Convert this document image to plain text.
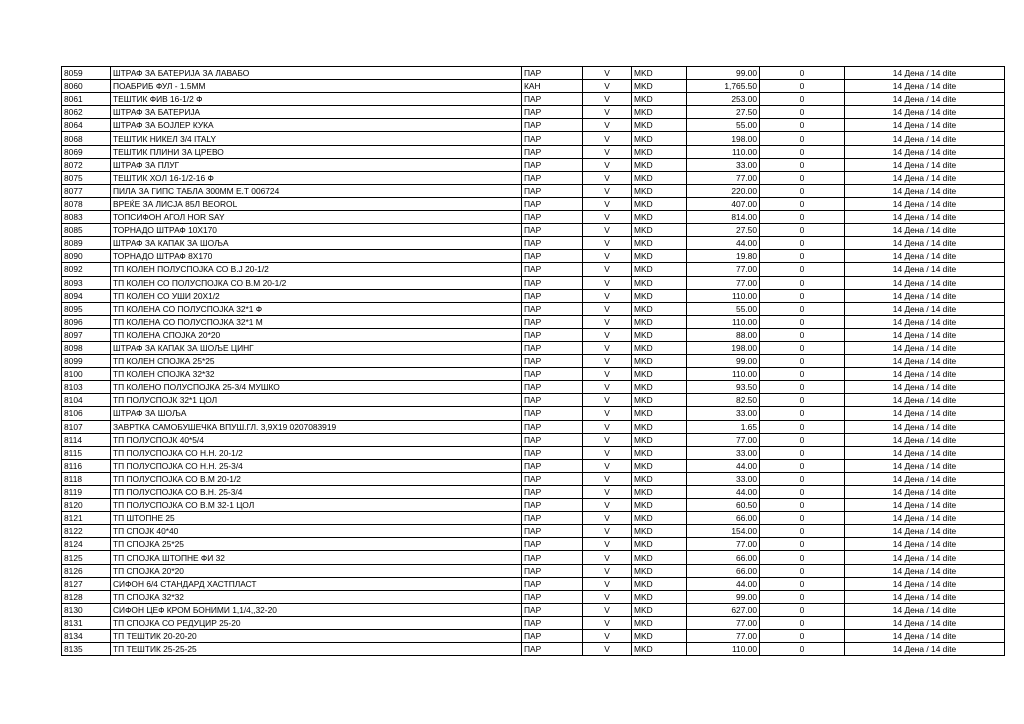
8059	ШТРАФ ЗА БАТЕРИЈА ЗА ЛАВАБО	ПАР	V	MKD	99.00	0	14 Дена / 14 dite
8060	ПОАБРИБ ФУЛ - 1.5ММ	КАН	V	MKD	1,765.50	0	14 Дена / 14 dite
8061	ТЕШТИК ФИВ 16-1/2 Ф	ПАР	V	MKD	253.00	0	14 Дена / 14 dite
8062	ШТРАФ ЗА БАТЕРИЈА	ПАР	V	MKD	27.50	0	14 Дена / 14 dite
8064	ШТРАФ ЗА БОЈЛЕР КУКА	ПАР	V	MKD	55.00	0	14 Дена / 14 dite
8068	ТЕШТИК НИКЕЛ 3/4 ITALY	ПАР	V	MKD	198.00	0	14 Дена / 14 dite
8069	ТЕШТИК ПЛИНИ ЗА ЦРЕВО	ПАР	V	MKD	110.00	0	14 Дена / 14 dite
8072	ШТРАФ ЗА ПЛУГ	ПАР	V	MKD	33.00	0	14 Дена / 14 dite
8075	ТЕШТИК ХОЛ 16-1/2-16 Ф	ПАР	V	MKD	77.00	0	14 Дена / 14 dite
8077	ПИЛА ЗА ГИПС ТАБЛА 300ММ Е.Т 006724	ПАР	V	MKD	220.00	0	14 Дена / 14 dite
8078	ВРЕЌЕ ЗА ЛИСЈА 85Л BEOROL	ПАР	V	MKD	407.00	0	14 Дена / 14 dite
8083	ТОПСИФОН АГОЛ HOR SAY	ПАР	V	MKD	814.00	0	14 Дена / 14 dite
8085	ТОРНАДО ШТРАФ 10Х170	ПАР	V	MKD	27.50	0	14 Дена / 14 dite
8089	ШТРАФ ЗА КАПАК ЗА ШОЉА	ПАР	V	MKD	44.00	0	14 Дена / 14 dite
8090	ТОРНАДО ШТРАФ 8Х170	ПАР	V	MKD	19.80	0	14 Дена / 14 dite
8092	ТП КОЛЕН ПОЛУСПОЈКА СО В.Ј 20-1/2	ПАР	V	MKD	77.00	0	14 Дена / 14 dite
8093	ТП КОЛЕН СО ПОЛУСПОЈКА СО В.М 20-1/2	ПАР	V	MKD	77.00	0	14 Дена / 14 dite
8094	ТП КОЛЕН СО УШИ 20Х1/2	ПАР	V	MKD	110.00	0	14 Дена / 14 dite
8095	ТП КОЛЕНА СО ПОЛУСПОЈКА 32*1 Ф	ПАР	V	MKD	55.00	0	14 Дена / 14 dite
8096	ТП КОЛЕНА СО ПОЛУСПОЈКА 32*1 М	ПАР	V	MKD	110.00	0	14 Дена / 14 dite
8097	ТП КОЛЕНА СПОЈКА 20*20	ПАР	V	MKD	88.00	0	14 Дена / 14 dite
8098	ШТРАФ ЗА КАПАК ЗА ШОЉЕ ЦИНГ	ПАР	V	MKD	198.00	0	14 Дена / 14 dite
8099	ТП КОЛЕН СПОЈКА 25*25	ПАР	V	MKD	99.00	0	14 Дена / 14 dite
8100	ТП КОЛЕН СПОЈКА 32*32	ПАР	V	MKD	110.00	0	14 Дена / 14 dite
8103	ТП КОЛЕНО ПОЛУСПОЈКА 25-3/4 МУШКО	ПАР	V	MKD	93.50	0	14 Дена / 14 dite
8104	ТП ПОЛУСПОЈК 32*1 ЦОЛ	ПАР	V	MKD	82.50	0	14 Дена / 14 dite
8106	ШТРАФ ЗА ШОЉА	ПАР	V	MKD	33.00	0	14 Дена / 14 dite
8107	ЗАВРТКА САМОБУШЕЧКА ВПУШ.ГЛ. 3,9Х19 0207083919	ПАР	V	MKD	1.65	0	14 Дена / 14 dite
8114	ТП ПОЛУСПОЈК 40*5/4	ПАР	V	MKD	77.00	0	14 Дена / 14 dite
8115	ТП ПОЛУСПОЈКА СО Н.Н. 20-1/2	ПАР	V	MKD	33.00	0	14 Дена / 14 dite
8116	ТП ПОЛУСПОЈКА СО Н.Н. 25-3/4	ПАР	V	MKD	44.00	0	14 Дена / 14 dite
8118	ТП ПОЛУСПОЈКА СО В.М 20-1/2	ПАР	V	MKD	33.00	0	14 Дена / 14 dite
8119	ТП ПОЛУСПОЈКА СО В.Н. 25-3/4	ПАР	V	MKD	44.00	0	14 Дена / 14 dite
8120	ТП ПОЛУСПОЈКА СО В.М 32-1 ЦОЛ	ПАР	V	MKD	60.50	0	14 Дена / 14 dite
8121	ТП ШТОПНЕ 25	ПАР	V	MKD	66.00	0	14 Дена / 14 dite
8122	ТП СПОЈК 40*40	ПАР	V	MKD	154.00	0	14 Дена / 14 dite
8124	ТП СПОЈКА 25*25	ПАР	V	MKD	77.00	0	14 Дена / 14 dite
8125	ТП СПОЈКА ШТОПНЕ ФИ 32	ПАР	V	MKD	66.00	0	14 Дена / 14 dite
8126	ТП СПОЈКА 20*20	ПАР	V	MKD	66.00	0	14 Дена / 14 dite
8127	СИФОН 6/4 СТАНДАРД ХАСТПЛАСТ	ПАР	V	MKD	44.00	0	14 Дена / 14 dite
8128	ТП СПОЈКА 32*32	ПАР	V	MKD	99.00	0	14 Дена / 14 dite
8130	СИФОН ЦЕФ КРОМ БОНИМИ 1,1/4,,32-20	ПАР	V	MKD	627.00	0	14 Дена / 14 dite
8131	ТП СПОЈКА СО РЕДУЦИР 25-20	ПАР	V	MKD	77.00	0	14 Дена / 14 dite
8134	ТП ТЕШТИК 20-20-20	ПАР	V	MKD	77.00	0	14 Дена / 14 dite
8135	ТП ТЕШТИК 25-25-25	ПАР	V	MKD	110.00	0	14 Дена / 14 dite
